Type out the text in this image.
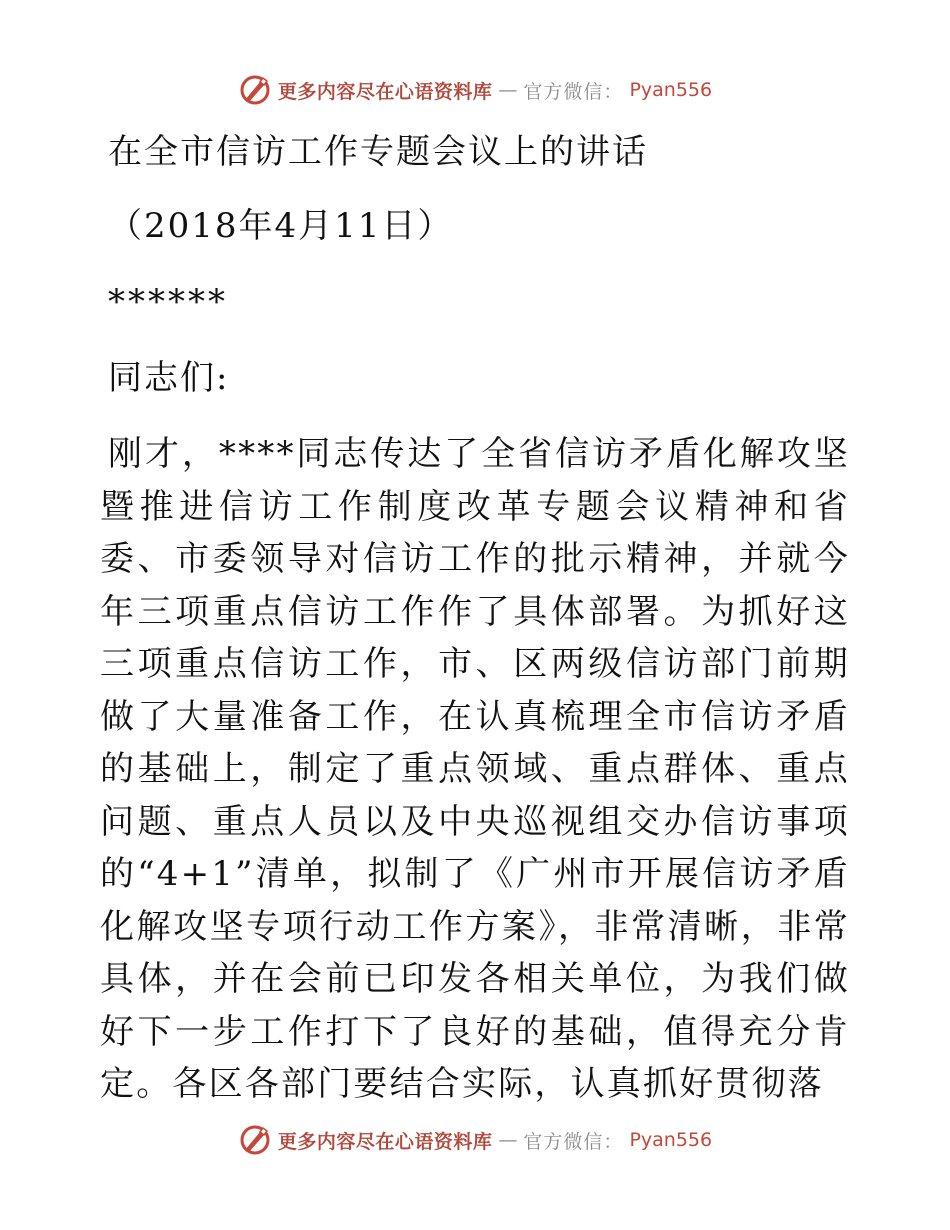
更多内容尽在心语资料库 — 官方微信： Pyan556

在全市信访工作专题会议上的讲话

（2018年4月11日）

******

同志们:

刚才，****同志传达了全省信访矛盾化解攻坚暨推进信访工作制度改革专题会议精神和省委、市委领导对信访工作的批示精神，并就今年三项重点信访工作作了具体部署。为抓好这三项重点信访工作，市、区两级信访部门前期做了大量准备工作，在认真梳理全市信访矛盾的基础上，制定了重点领域、重点群体、重点问题、重点人员以及中央巡视组交办信访事项的“4+1”清单，拟制了《广州市开展信访矛盾化解攻坚专项行动工作方案》，非常清晰，非常具体，并在会前已印发各相关单位，为我们做好下一步工作打下了良好的基础，值得充分肯定。各区各部门要结合实际，认真抓好贯彻落

更多内容尽在心语资料库 — 官方微信： Pyan556
